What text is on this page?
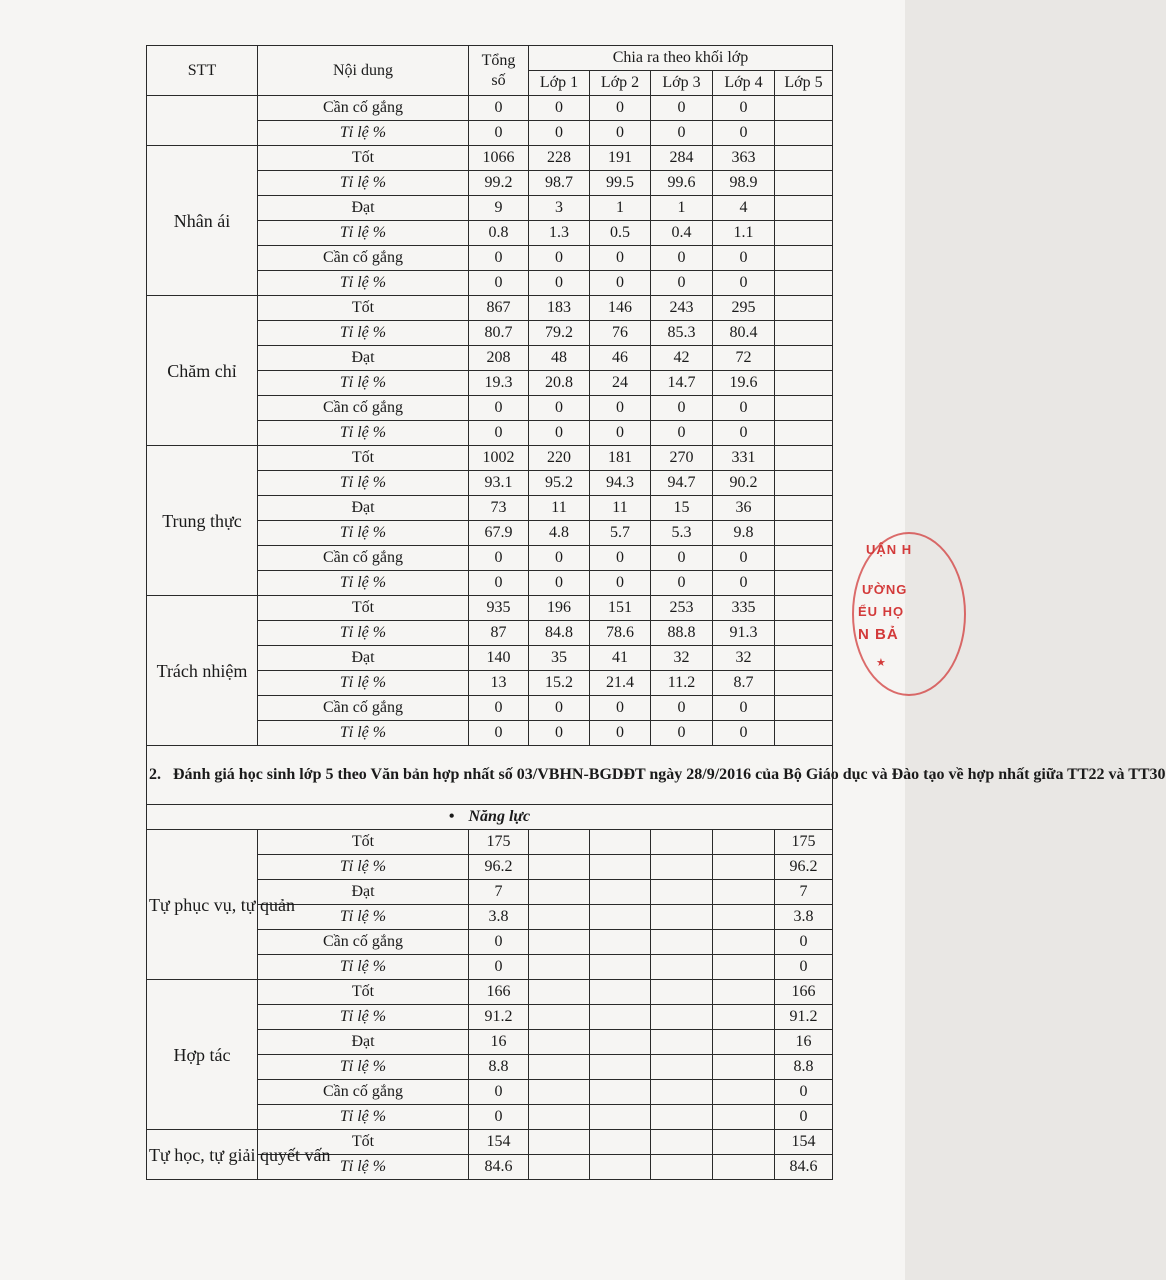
STT	Nội dung	Tổng số	Chia ra theo khối lớp				
			Lớp 1	Lớp 2	Lớp 3	Lớp 4	Lớp 5
	Cần cố gắng	0	0	0	0	0	
	Tỉ lệ %	0	0	0	0	0	
Nhân ái	Tốt	1066	228	191	284	363	
	Tỉ lệ %	99.2	98.7	99.5	99.6	98.9	
	Đạt	9	3	1	1	4	
	Tỉ lệ %	0.8	1.3	0.5	0.4	1.1	
	Cần cố gắng	0	0	0	0	0	
	Tỉ lệ %	0	0	0	0	0	
Chăm chỉ	Tốt	867	183	146	243	295	
	Tỉ lệ %	80.7	79.2	76	85.3	80.4	
	Đạt	208	48	46	42	72	
	Tỉ lệ %	19.3	20.8	24	14.7	19.6	
	Cần cố gắng	0	0	0	0	0	
	Tỉ lệ %	0	0	0	0	0	
Trung thực	Tốt	1002	220	181	270	331	
	Tỉ lệ %	93.1	95.2	94.3	94.7	90.2	
	Đạt	73	11	11	15	36	
	Tỉ lệ %	67.9	4.8	5.7	5.3	9.8	
	Cần cố gắng	0	0	0	0	0	
	Tỉ lệ %	0	0	0	0	0	
Trách nhiệm	Tốt	935	196	151	253	335	
	Tỉ lệ %	87	84.8	78.6	88.8	91.3	
	Đạt	140	35	41	32	32	
	Tỉ lệ %	13	15.2	21.4	11.2	8.7	
	Cần cố gắng	0	0	0	0	0	
	Tỉ lệ %	0	0	0	0	0	
2. Đánh giá học sinh lớp 5 theo Văn bản hợp nhất số 03/VBHN-BGDĐT ngày 28/9/2016 của Bộ Giáo dục và Đào tạo về hợp nhất giữa TT22 và TT30							
• Năng lực							
Tự phục vụ, tự quản	Tốt	175					175
	Tỉ lệ %	96.2					96.2
	Đạt	7					7
	Tỉ lệ %	3.8					3.8
	Cần cố gắng	0					0
	Tỉ lệ %	0					0
Hợp tác	Tốt	166					166
	Tỉ lệ %	91.2					91.2
	Đạt	16					16
	Tỉ lệ %	8.8					8.8
	Cần cố gắng	0					0
	Tỉ lệ %	0					0
Tự học, tự giải quyết vấn	Tốt	154					154
	Tỉ lệ %	84.6					84.6
UẬN H
ƯỜNG
ỂU HỌ
N BẢ
★
